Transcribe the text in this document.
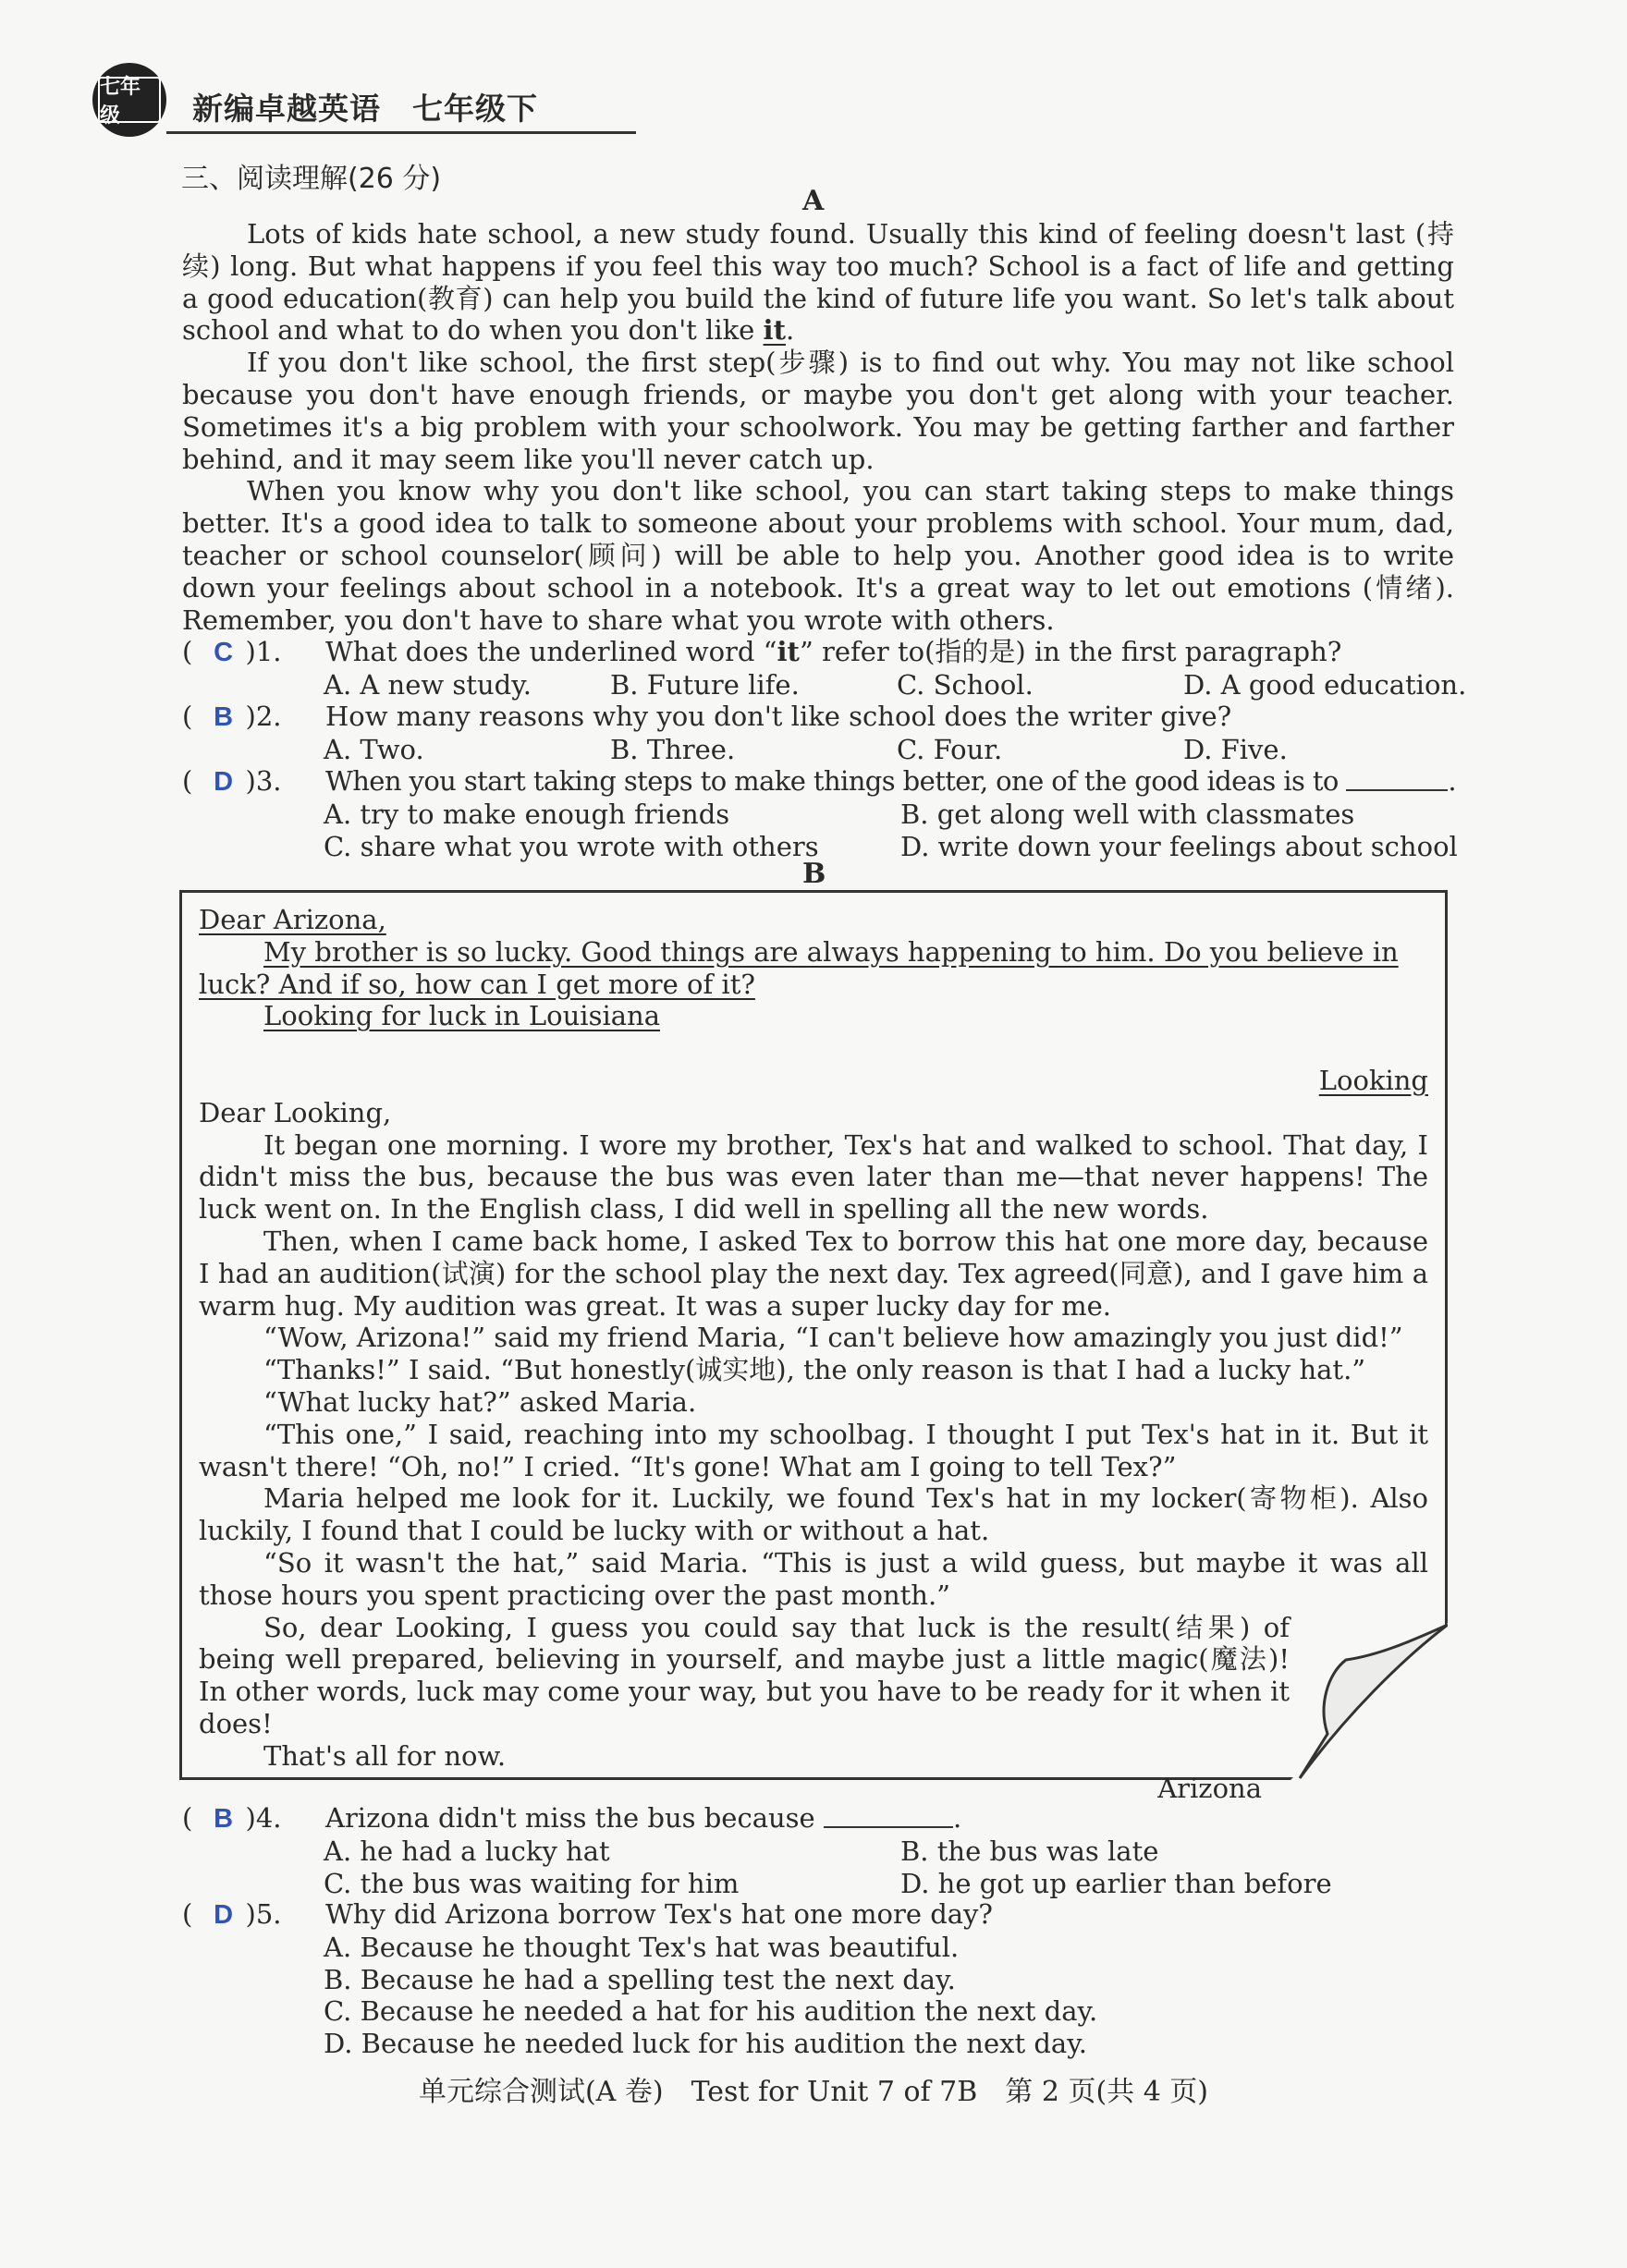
七年级	新编卓越英语　七年级下
三、阅读理解(26 分)
A

Lots of kids hate school, a new study found. Usually this kind of feeling doesn't last (持续) long. But what happens if you feel this way too much? School is a fact of life and getting a good education(教育) can help you build the kind of future life you want. So let's talk about school and what to do when you don't like it.

If you don't like school, the first step(步骤) is to find out why. You may not like school because you don't have enough friends, or maybe you don't get along with your teacher. Sometimes it's a big problem with your schoolwork. You may be getting farther and farther behind, and it may seem like you'll never catch up.

When you know why you don't like school, you can start taking steps to make things better. It's a good idea to talk to someone about your problems with school. Your mum, dad, teacher or school counselor(顾问) will be able to help you. Another good idea is to write down your feelings about school in a notebook. It's a great way to let out emotions (情绪). Remember, you don't have to share what you wrote with others.

( C )1.	What does the underlined word “it” refer to(指的是) in the first paragraph?
A. A new study.	B. Future life.	C. School.	D. A good education.
( B )2.	How many reasons why you don't like school does the writer give?
A. Two.	B. Three.	C. Four.	D. Five.
( D )3.	When you start taking steps to make things better, one of the good ideas is to
	.
A. try to make enough friends	B. get along well with classmates
C. share what you wrote with others	D. write down your feelings about school
B

Dear Arizona,

My brother is so lucky. Good things are always happening to him. Do you believe in

luck? And if so, how can I get more of it?

Looking for luck in Louisiana

Looking

Dear Looking,

It began one morning. I wore my brother, Tex's hat and walked to school. That day, I didn't miss the bus, because the bus was even later than me—that never happens! The luck went on. In the English class, I did well in spelling all the new words.

Then, when I came back home, I asked Tex to borrow this hat one more day, because I had an audition(试演) for the school play the next day. Tex agreed(同意), and I gave him a warm hug. My audition was great. It was a super lucky day for me.

“Wow, Arizona!” said my friend Maria, “I can't believe how amazingly you just did!”

“Thanks!” I said. “But honestly(诚实地), the only reason is that I had a lucky hat.”

“What lucky hat?” asked Maria.

“This one,” I said, reaching into my schoolbag. I thought I put Tex's hat in it. But it wasn't there! “Oh, no!” I cried. “It's gone! What am I going to tell Tex?”

Maria helped me look for it. Luckily, we found Tex's hat in my locker(寄物柜). Also luckily, I found that I could be lucky with or without a hat.

“So it wasn't the hat,” said Maria. “This is just a wild guess, but maybe it was all those hours you spent practicing over the past month.”

So, dear Looking, I guess you could say that luck is the result(结果) of being well prepared, believing in yourself, and maybe just a little magic(魔法)! In other words, luck may come your way, but you have to be ready for it when it does!

That's all for now.

Arizona

( B )4.	Arizona didn't miss the bus because
	.
A. he had a lucky hat	B. the bus was late
C. the bus was waiting for him	D. he got up earlier than before
( D )5.	Why did Arizona borrow Tex's hat one more day?
A. Because he thought Tex's hat was beautiful.
B. Because he had a spelling test the next day.
C. Because he needed a hat for his audition the next day.
D. Because he needed luck for his audition the next day.
单元综合测试(A 卷)　Test for Unit 7 of 7B　第 2 页(共 4 页)
